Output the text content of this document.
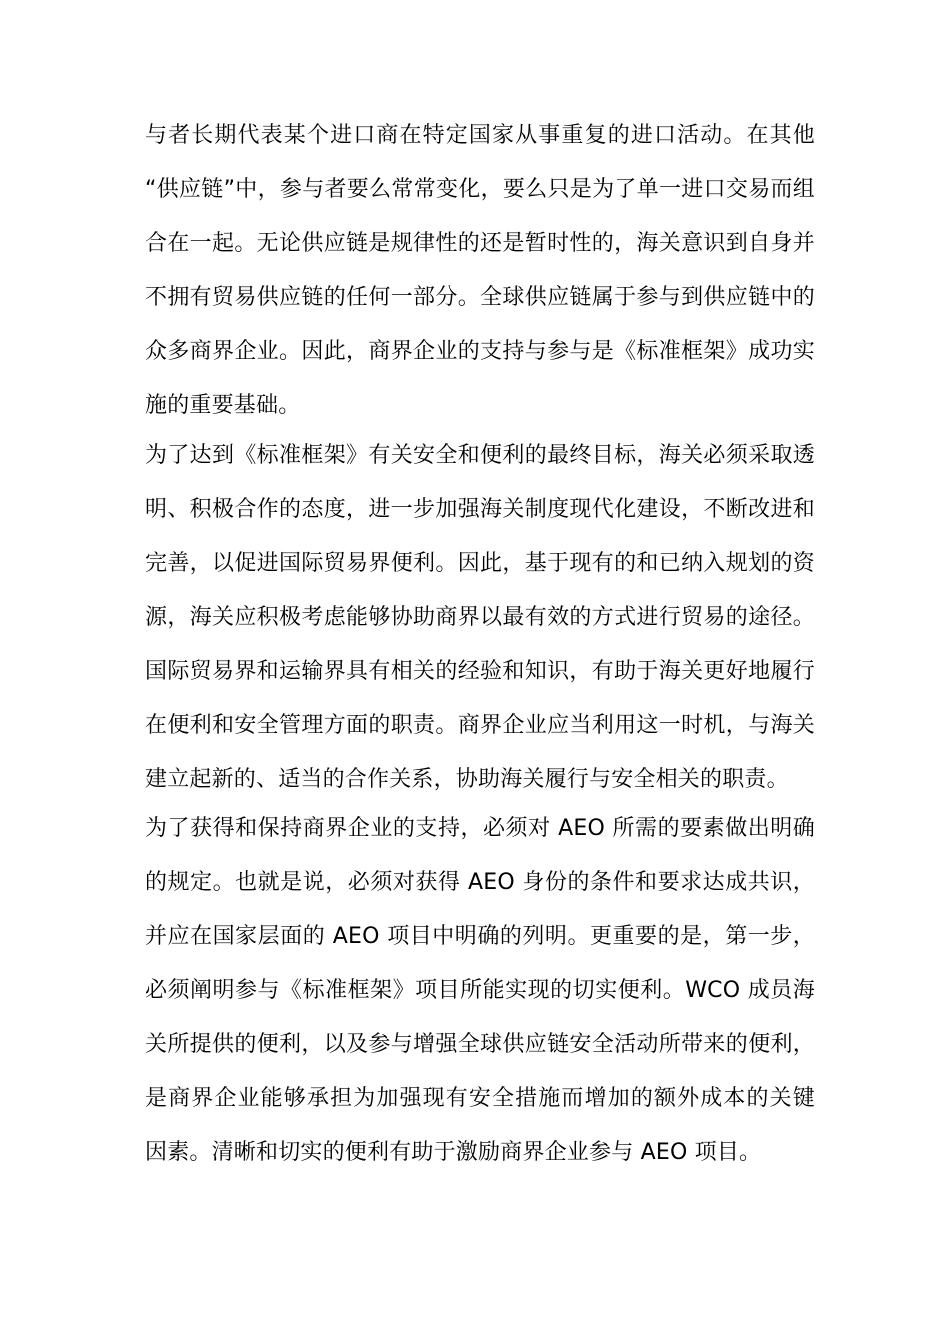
与者长期代表某个进口商在特定国家从事重复的进口活动。在其他
“供应链”中，参与者要么常常变化，要么只是为了单一进口交易而组
合在一起。无论供应链是规律性的还是暂时性的，海关意识到自身并
不拥有贸易供应链的任何一部分。全球供应链属于参与到供应链中的
众多商界企业。因此，商界企业的支持与参与是《标准框架》成功实
施的重要基础。
为了达到《标准框架》有关安全和便利的最终目标，海关必须采取透
明、积极合作的态度，进一步加强海关制度现代化建设，不断改进和
完善，以促进国际贸易界便利。因此，基于现有的和已纳入规划的资
源，海关应积极考虑能够协助商界以最有效的方式进行贸易的途径。
国际贸易界和运输界具有相关的经验和知识，有助于海关更好地履行
在便利和安全管理方面的职责。商界企业应当利用这一时机，与海关
建立起新的、适当的合作关系，协助海关履行与安全相关的职责。
为了获得和保持商界企业的支持，必须对 AEO 所需的要素做出明确
的规定。也就是说，必须对获得 AEO 身份的条件和要求达成共识，
并应在国家层面的 AEO 项目中明确的列明。更重要的是，第一步，
必须阐明参与《标准框架》项目所能实现的切实便利。WCO 成员海
关所提供的便利，以及参与增强全球供应链安全活动所带来的便利，
是商界企业能够承担为加强现有安全措施而增加的额外成本的关键
因素。清晰和切实的便利有助于激励商界企业参与 AEO 项目。
